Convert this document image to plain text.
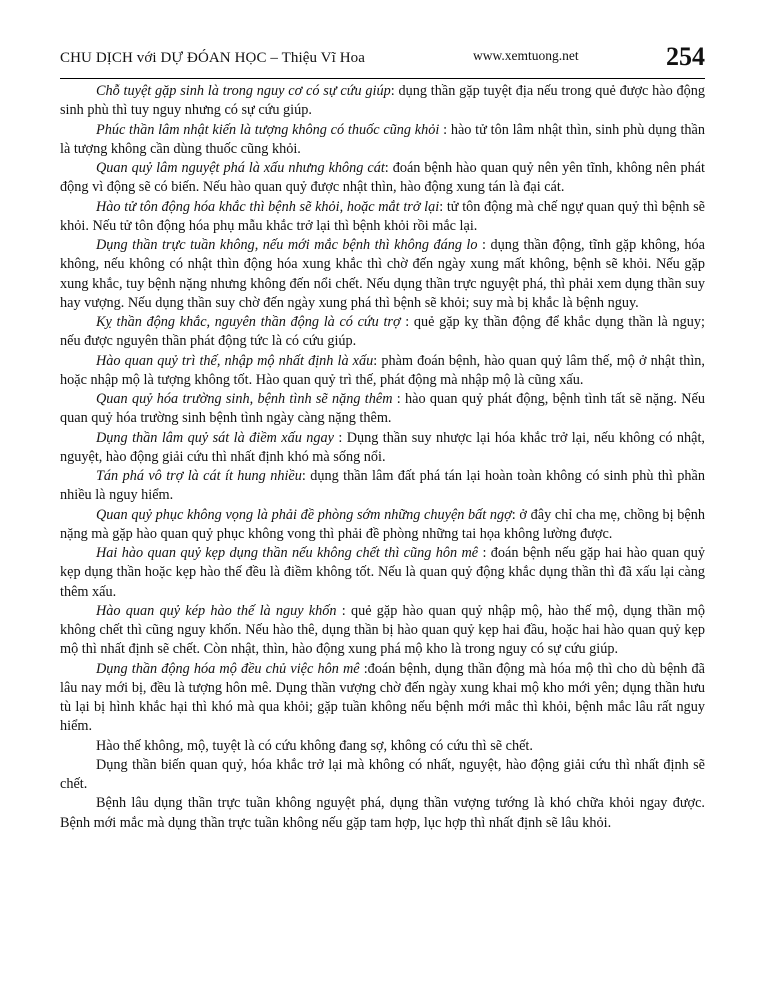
CHU DỊCH với DỰ ĐÓAN HỌC – Thiệu Vĩ Hoa	www.xemtuong.net	254

Chỗ tuyệt gặp sinh là trong nguy cơ có sự cứu giúp: dụng thần gặp tuyệt địa nếu trong quẻ được hào động sinh phù thì tuy nguy nhưng có sự cứu giúp.

Phúc thần lâm nhật kiến là tượng không có thuốc cũng khỏi : hào tử tôn lâm nhật thìn, sinh phù dụng thần là tượng không cần dùng thuốc cũng khỏi.

Quan quỷ lâm nguyệt phá là xấu nhưng không cát: đoán bệnh hào quan quỷ nên yên tĩnh, không nên phát động vì động sẽ có biến. Nếu hào quan quỷ được nhật thìn, hào động xung tán là đại cát.

Hào tử tôn động hóa khắc thì bệnh sẽ khỏi, hoặc mắt trở lại: tử tôn động mà chế ngự quan quỷ thì bệnh sẽ khỏi. Nếu tử tôn động hóa phụ mẫu khắc trở lại thì bệnh khỏi rồi mắc lại.

Dụng thần trực tuần không, nếu mới mắc bệnh thì không đáng lo : dụng thần động, tĩnh gặp không, hóa không, nếu không có nhật thìn động hóa xung khắc thì chờ đến ngày xung mất không, bệnh sẽ khỏi. Nếu gặp xung khắc, tuy bệnh nặng nhưng không đến nổi chết. Nếu dụng thần trực nguyệt phá, thì phải xem dụng thần suy hay vượng. Nếu dụng thần suy chờ đến ngày xung phá thì bệnh sẽ khỏi; suy mà bị khắc là bệnh nguy.

Kỵ thần động khắc, nguyên thần động là có cứu trợ : quẻ gặp kỵ thần động để khắc dụng thần là nguy; nếu được nguyên thần phát động tức là có cứu giúp.

Hào quan quỷ trì thế, nhập mộ nhất định là xấu: phàm đoán bệnh, hào quan quỷ lâm thế, mộ ở nhật thìn, hoặc nhập mộ là tượng không tốt. Hào quan quỷ trì thế, phát động mà nhập mộ là cũng xấu.

Quan quỷ hóa trường sinh, bệnh tình sẽ nặng thêm : hào quan quỷ phát động, bệnh tình tất sẽ nặng. Nếu quan quỷ hóa trường sinh bệnh tình ngày càng nặng thêm.

Dụng thần lâm quỷ sát là điềm xấu ngay : Dụng thần suy nhược lại hóa khắc trở lại, nếu không có nhật, nguyệt, hào động giải cứu thì nhất định khó mà sống nổi.

Tán phá vô trợ là cát ít hung nhiều: dụng thần lâm đất phá tán lại hoàn toàn không có sinh phù thì phần nhiều là nguy hiểm.

Quan quỷ phục không vọng là phải đề phòng sớm những chuyện bất ngợ: ở đây chỉ cha mẹ, chồng bị bệnh nặng mà gặp hào quan quỷ phục không vong thì phải đề phòng những tai họa không lường được.

Hai hào quan quỷ kẹp dụng thần nếu không chết thì cũng hôn mê : đoán bệnh nếu gặp hai hào quan quỷ kẹp dụng thần hoặc kẹp hào thế đều là điềm không tốt. Nếu là quan quỷ động khắc dụng thần thì đã xấu lại càng thêm xấu.

Hào quan quỷ kép hào thế là nguy khốn : quẻ gặp hào quan quỷ nhập mộ, hào thế mộ, dụng thần mộ không chết thì cũng nguy khốn. Nếu hào thê, dụng thần bị hào quan quỷ kẹp hai đầu, hoặc hai hào quan quỷ kẹp mộ thì nhất định sẽ chết. Còn nhật, thìn, hào động xung phá mộ kho là trong nguy có sự cứu giúp.

Dụng thần động hóa mộ đều chủ việc hôn mê :đoán bệnh, dụng thần động mà hóa mộ thì cho dù bệnh đã lâu nay mới bị, đều là tượng hôn mê. Dụng thần vượng chờ đến ngày xung khai mộ kho mới yên; dụng thần hưu tù lại bị hình khắc hại thì khó mà qua khỏi; gặp tuần không nếu bệnh mới mắc thì khỏi, bệnh mắc lâu rất nguy hiểm.

Hào thế không, mộ, tuyệt là có cứu không đang sợ, không có cứu thì sẽ chết.

Dụng thần biến quan quỷ, hóa khắc trở lại mà không có nhất, nguyệt, hào động giải cứu thì nhất định sẽ chết.

Bệnh lâu dụng thần trực tuần không nguyệt phá, dụng thần vượng tướng là khó chữa khỏi ngay được. Bệnh mới mắc mà dụng thần trực tuần không nếu gặp tam hợp, lục hợp thì nhất định sẽ lâu khỏi.
